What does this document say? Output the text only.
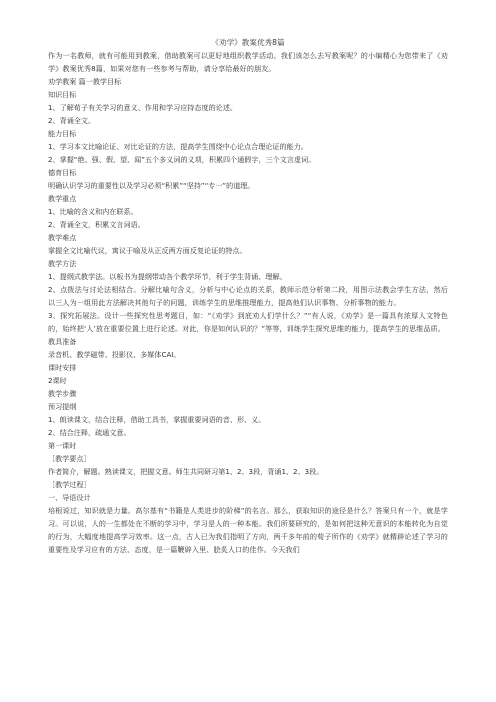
《劝学》教案优秀8篇

作为一名教师，就有可能用到教案，借助教案可以更好地组织教学活动。我们该怎么去写教案呢？的小编精心为您带来了《劝学》教案优秀8篇，如果对您有一些参考与帮助，请分享给最好的朋友。

劝学教案 篇一教学目标

知识目标

1、了解荀子有关学习的意义、作用和学习应持态度的论述。

2、背诵全文。

能力目标

1、学习本文比喻论证、对比论证的方法，提高学生围绕中心论点合理论证的能力。

2、掌握“绝、强、假、望、闻”五个多义词的义项，积累四个通假字，三个文言虚词。

德育目标

明确认识学习的重要性以及学习必须“积累”“坚持”“专一”的道理。

教学重点

1、比喻的含义和内在联系。

2、背诵全文，积累文言词语。

教学难点

掌握全文比喻代议，寓议于喻及从正反两方面反复论证的特点。

教学方法

1、提纲式教学法。以板书为提纲带动各个教学环节，利于学生背诵、理解。

2、点拨法与讨论法相结合。分解比喻句含义，分析与中心论点的关系，教师示范分析第二段，用图示法教会学生方法，然后以三人为一组用此方法解决其他句子的问题，训练学生的思维推理能力，提高他们认识事物、分析事物的能力。

3、探究拓展法。设计一些探究性思考题目，如：“《劝学》到底劝人们学什么？”“有人说，《劝学》是一篇具有浓厚人文特色的，始终把‘人’放在重要位置上进行论述。对此，你是如何认识的？”等等，训练学生探究思维的能力，提高学生的思维品质。

教具准备

录音机、教学磁带、投影仪、多媒体CAI。

课时安排

2课时

教学步骤

预习提纲

1、朗读课文，结合注释，借助工具书，掌握重要词语的音、形、义。

2、结合注释，疏通文意。

第一课时

［教学要点］

作者简介，解题。熟读课文，把握文意。师生共同研习第1、2、3段，背诵1、2、3段。

［教学过程］

一、导语设计

培根说过，知识就是力量。高尔基有“书籍是人类进步的阶梯”的名言。那么，获取知识的途径是什么？答案只有一个，就是学习。可以说，人的一生都处在不断的学习中，学习是人的一种本能。我们所要研究的，是如何把这种无意识的本能转化为自觉的行为，大幅度地提高学习效率。这一点，古人已为我们指明了方向，两千多年前的荀子所作的《劝学》就精辟论述了学习的重要性及学习应有的方法、态度，是一篇鞭辟入里、脍炙人口的佳作。今天我们
